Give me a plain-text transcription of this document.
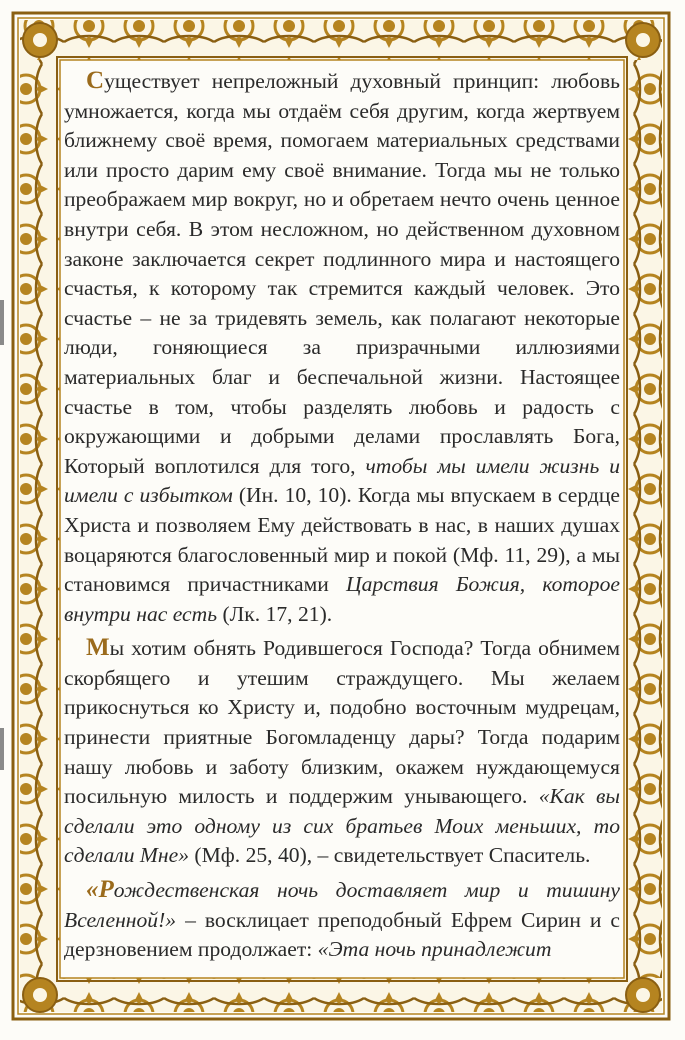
Существует непреложный духовный принцип: любовь умножается, когда мы отдаём себя другим, когда жертвуем ближнему своё время, помогаем материальных средствами или просто дарим ему своё внимание. Тогда мы не только преображаем мир вокруг, но и обретаем нечто очень ценное внутри себя. В этом несложном, но действенном духовном законе заключается секрет подлинного мира и настоящего счастья, к которому так стремится каждый человек. Это счастье – не за тридевять земель, как полагают некоторые люди, гоняющиеся за призрачными иллюзиями материальных благ и беспечальной жизни. Настоящее счастье в том, чтобы разделять любовь и радость с окружающими и добрыми делами прославлять Бога, Который воплотился для того, чтобы мы имели жизнь и имели с избытком (Ин. 10, 10). Когда мы впускаем в сердце Христа и позволяем Ему действовать в нас, в наших душах воцаряются благословенный мир и покой (Мф. 11, 29), а мы становимся причастниками Царствия Божия, которое внутри нас есть (Лк. 17, 21).

Мы хотим обнять Родившегося Господа? Тогда обнимем скорбящего и утешим страждущего. Мы желаем прикоснуться ко Христу и, подобно восточным мудрецам, принести приятные Богомладенцу дары? Тогда подарим нашу любовь и заботу близким, окажем нуждающемуся посильную милость и поддержим унывающего. «Как вы сделали это одному из сих братьев Моих меньших, то сделали Мне» (Мф. 25, 40), – свидетельствует Спаситель.

«Рождественская ночь доставляет мир и тишину Вселенной!» – восклицает преподобный Ефрем Сирин и с дерзновением продолжает: «Эта ночь принадлежит
